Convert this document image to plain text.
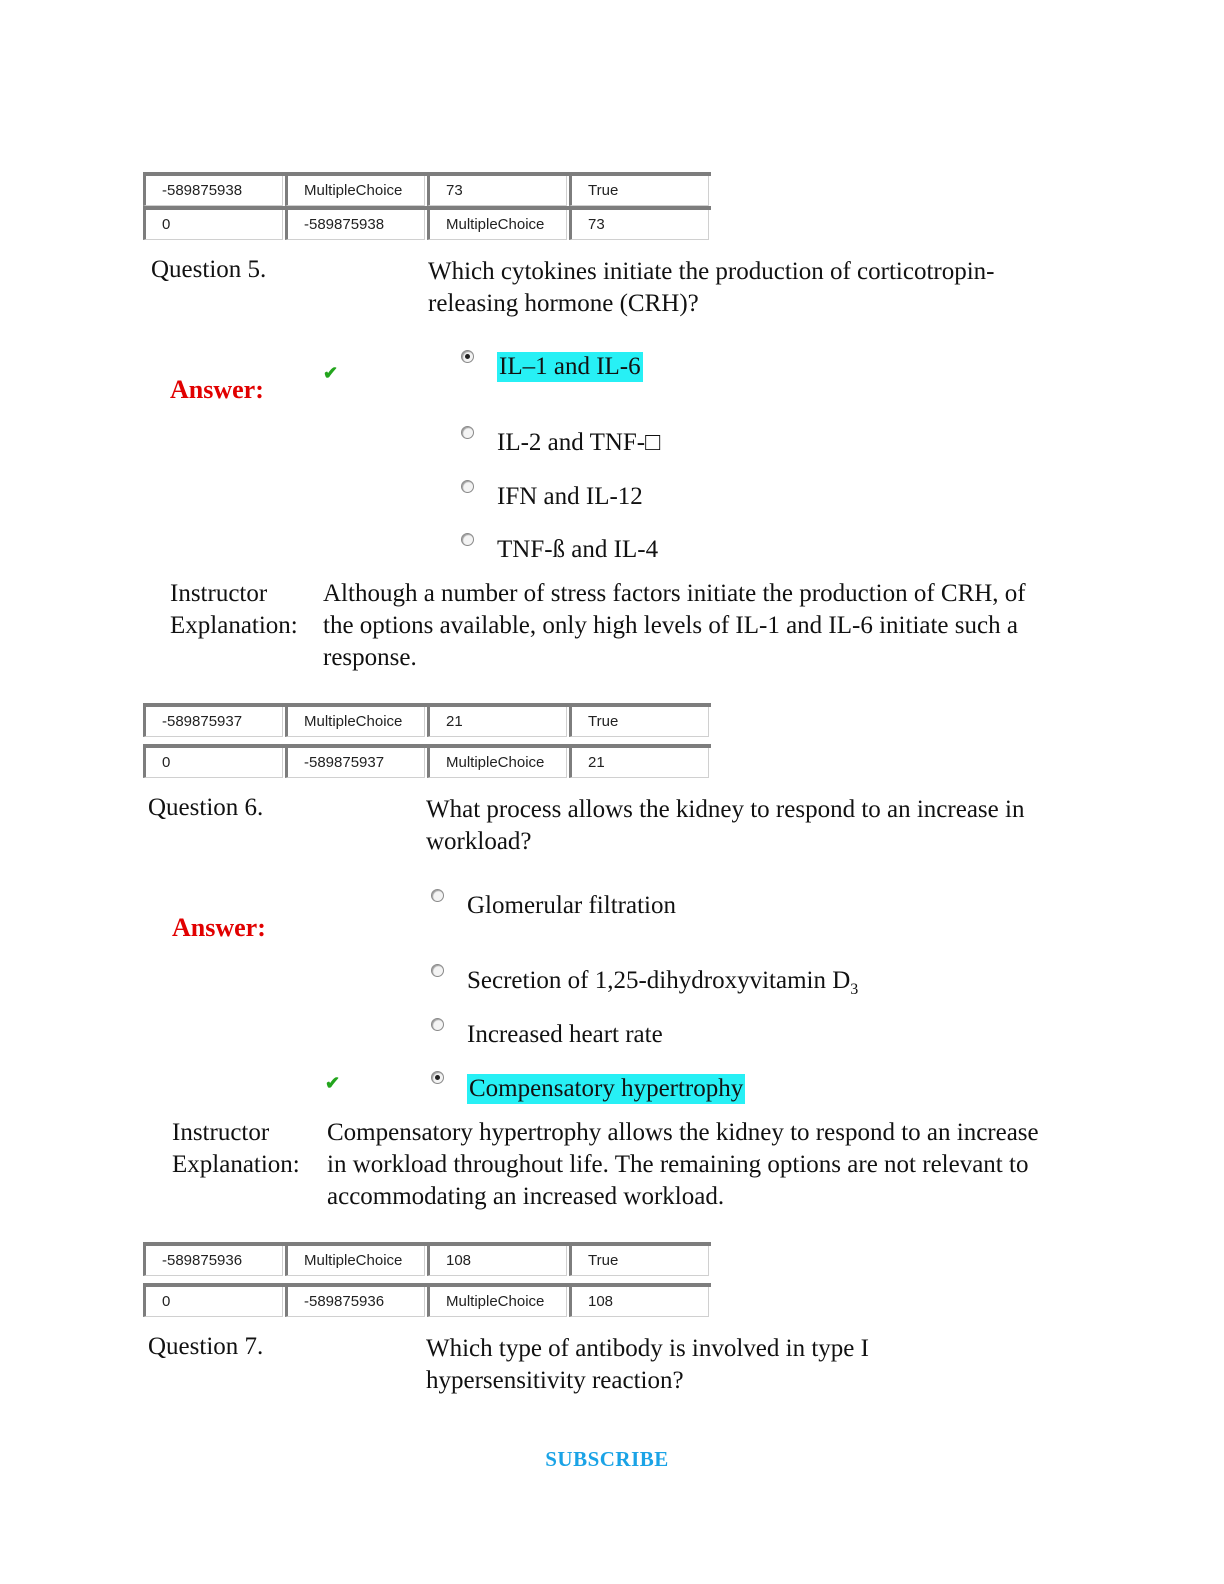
-589875938	MultipleChoice	73	True
0	-589875938	MultipleChoice	73
Question 5.	Which cytokines initiate the production of corticotropin-releasing hormone (CRH)?
Answer:
✔	IL–1 and IL-6
IL-2 and TNF-□
IFN and IL-12
TNF-ß and IL-4
Instructor
Explanation:
Although a number of stress factors initiate the production of CRH, of the options available, only high levels of IL-1 and IL-6 initiate such a response.
-589875937	MultipleChoice	21	True
0	-589875937	MultipleChoice	21
Question 6.	What process allows the kidney to respond to an increase in workload?
Answer:
Glomerular filtration
Secretion of 1,25-dihydroxyvitamin $D_3$
Increased heart rate
✔	Compensatory hypertrophy
Instructor
Explanation:
Compensatory hypertrophy allows the kidney to respond to an increase in workload throughout life. The remaining options are not relevant to accommodating an increased workload.
-589875936	MultipleChoice	108	True
0	-589875936	MultipleChoice	108
Question 7.	Which type of antibody is involved in type I hypersensitivity reaction?
SUBSCRIBE
